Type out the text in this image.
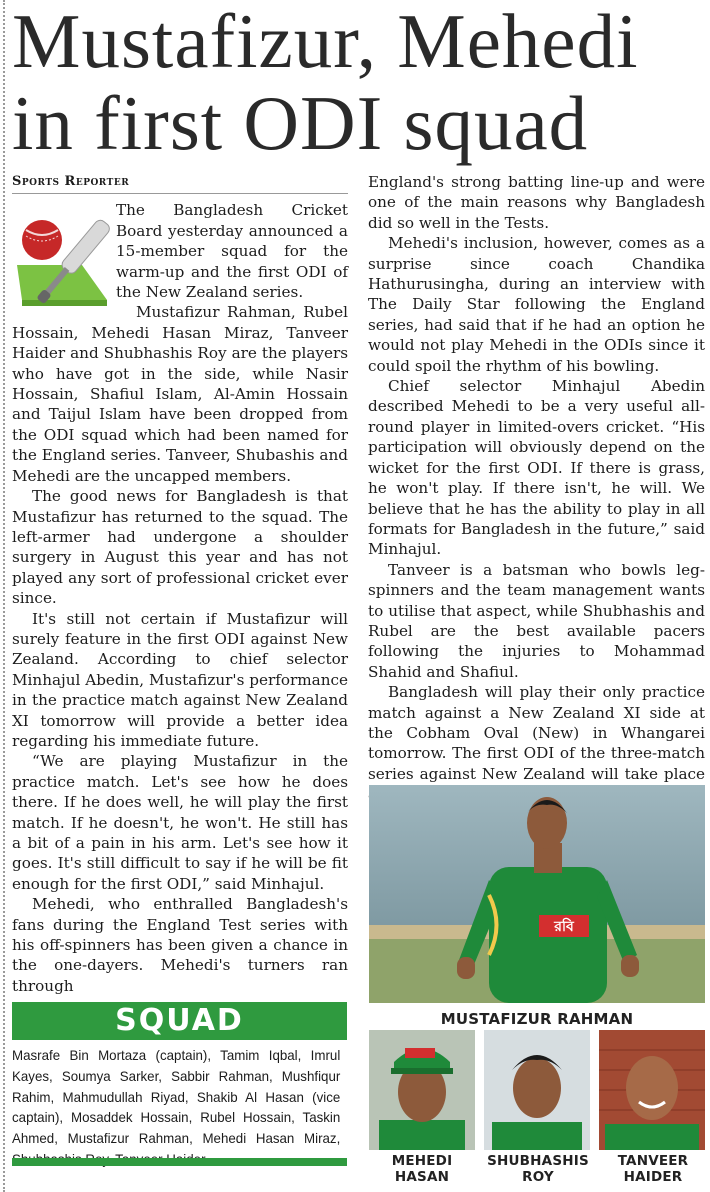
Mustafizur, Mehedi
in first ODI squad
Sports Reporter

The Bangladesh Cricket Board yesterday announced a 15-member squad for the warm-up and the first ODI of the New Zealand series.

Mustafizur Rahman, Rubel Hossain, Mehedi Hasan Miraz, Tanveer Haider and Shubhashis Roy are the players who have got in the side, while Nasir Hossain, Shafiul Islam, Al-Amin Hossain and Taijul Islam have been dropped from the ODI squad which had been named for the England series. Tanveer, Shubashis and Mehedi are the uncapped members.

The good news for Bangladesh is that Mustafizur has returned to the squad. The left-armer had undergone a shoulder surgery in August this year and has not played any sort of professional cricket ever since.

It's still not certain if Mustafizur will surely feature in the first ODI against New Zealand. According to chief selector Minhajul Abedin, Mustafizur's performance in the practice match against New Zealand XI tomorrow will provide a better idea regarding his immediate future.

“We are playing Mustafizur in the practice match. Let's see how he does there. If he does well, he will play the first match. If he doesn't, he won't. He still has a bit of a pain in his arm. Let's see how it goes. It's still difficult to say if he will be fit enough for the first ODI,” said Minhajul.

Mehedi, who enthralled Bangladesh's fans during the England Test series with his off-spinners has been given a chance in the one-dayers. Mehedi's turners ran through

England's strong batting line-up and were one of the main reasons why Bangladesh did so well in the Tests.

Mehedi's inclusion, however, comes as a surprise since coach Chandika Hathurusingha, during an interview with The Daily Star following the England series, had said that if he had an option he would not play Mehedi in the ODIs since it could spoil the rhythm of his bowling.

Chief selector Minhajul Abedin described Mehedi to be a very useful all-round player in limited-overs cricket. “His participation will obviously depend on the wicket for the first ODI. If there is grass, he won't play. If there isn't, he will. We believe that he has the ability to play in all formats for Bangladesh in the future,” said Minhajul.

Tanveer is a batsman who bowls leg-spinners and the team management wants to utilise that aspect, while Shubhashis and Rubel are the best available pacers following the injuries to Mohammad Shahid and Shafiul.

Bangladesh will play their only practice match against a New Zealand XI side at the Cobham Oval (New) in Whangarei tomorrow. The first ODI of the three-match series against New Zealand will take place

SQUAD
Masrafe Bin Mortaza (captain), Tamim Iqbal, Imrul Kayes, Soumya Sarker, Sabbir Rahman, Mushfiqur Rahim, Mahmudullah Riyad, Shakib Al Hasan (vice captain), Mosaddek Hossain, Rubel Hossain, Taskin Ahmed, Mustafizur Rahman, Mehedi Hasan Miraz,
রবি
MUSTAFIZUR RAHMAN
MEHEDI HASAN
SHUBHASHIS ROY
TANVEER HAIDER
